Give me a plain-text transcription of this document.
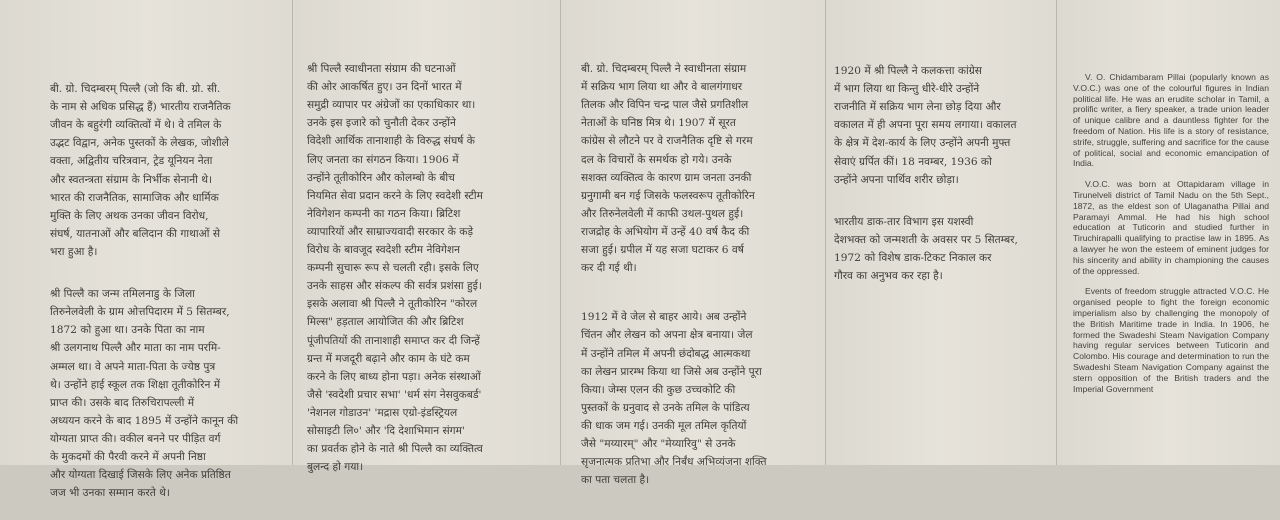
बी. ग्रो. चिदम्बरम् पिल्लै (जो कि बी. ग्रो. सी.
के नाम से अधिक प्रसिद्ध हैं) भारतीय राजनैतिक
जीवन के बहुरंगी व्यक्तित्वों में थे। वे तमिल के
उद्भट विद्वान, अनेक पुस्तकों के लेखक, जोशीले
वक्ता, अद्वितीय चरित्रवान, ट्रेड यूनियन नेता
और स्वतन्त्रता संग्राम के निर्भीक सेनानी थे।
भारत की राजनैतिक, सामाजिक और धार्मिक
मुक्ति के लिए अथक उनका जीवन विरोध,
संघर्ष, यातनाओं और बलिदान की गाथाओं से
भरा हुआ है।

श्री पिल्लै का जन्म तमिलनाडु के जिला
तिरुनेलवेली के ग्राम ओत्तपिदारम में 5 सितम्बर,
1872 को हुआ था। उनके पिता का नाम
श्री उलगनाथ पिल्लै और माता का नाम परमि-
अम्मल था। वे अपने माता-पिता के ज्येष्ठ पुत्र
थे। उन्होंने हाई स्कूल तक शिक्षा तूतीकोरिन में
प्राप्त की। उसके बाद तिरुचिरापल्ली में
अध्ययन करने के बाद 1895 में उन्होंने कानून की
योग्यता प्राप्त की। वकील बनने पर पीड़ित वर्ग
के मुकदमों की पैरवी करने में अपनी निष्ठा
और योग्यता दिखाई जिसके लिए अनेक प्रतिष्ठित
जज भी उनका सम्मान करते थे।

श्री पिल्लै स्वाधीनता संग्राम की घटनाओं
की ओर आकर्षित हुए। उन दिनों भारत में
समुद्री व्यापार पर अंग्रेजों का एकाधिकार था।
उनके इस इजारे को चुनौती देकर उन्होंने
विदेशी आर्थिक तानाशाही के विरुद्ध संघर्ष के
लिए जनता का संगठन किया। 1906 में
उन्होंने तूतीकोरिन और कोलम्बो के बीच
नियमित सेवा प्रदान करने के लिए स्वदेशी स्टीम
नेविगेशन कम्पनी का गठन किया। ब्रिटिश
व्यापारियों और साम्राज्यवादी सरकार के कड़े
विरोध के बावजूद स्वदेशी स्टीम नेविगेशन
कम्पनी सुचारू रूप से चलती रही। इसके लिए
उनके साहस और संकल्प की सर्वत्र प्रशंसा हुई।
इसके अलावा श्री पिल्लै ने तूतीकोरिन "कोरल
मिल्स" हड़ताल आयोजित की और ब्रिटिश
पूंजीपतियों की तानाशाही समाप्त कर दी जिन्हें
ग्रन्त में मजदूरी बढ़ाने और काम के घंटे कम
करने के लिए बाध्य होना पड़ा। अनेक संस्थाओं
जैसे 'स्वदेशी प्रचार सभा' 'धर्म संग नेसवुकबर्ड'
'नेशनल गोडाउन' 'मद्रास एग्रो-इंडस्ट्रियल
सोसाइटी लि०' और 'दि देशाभिमान संगम'
का प्रवर्तक होने के नाते श्री पिल्लै का व्यक्तित्व
बुलन्द हो गया।

बी. ग्रो. चिदम्बरम् पिल्लै ने स्वाधीनता संग्राम
में सक्रिय भाग लिया था और वे बालगंगाधर
तिलक और विपिन चन्द्र पाल जैसे प्रगतिशील
नेताओं के घनिष्ठ मित्र थे। 1907 में सूरत
कांग्रेस से लौटने पर वे राजनैतिक दृष्टि से गरम
दल के विचारों के समर्थक हो गये। उनके
सशक्त व्यक्तित्व के कारण ग्राम जनता उनकी
ग्रनुगामी बन गई जिसके फलस्वरूप तूतीकोरिन
और तिरुनेलवेली में काफी उथल-पुथल हुई।
राजद्रोह के अभियोग में उन्हें 40 वर्ष कैद की
सजा हुई। ग्रपील में यह सजा घटाकर 6 वर्ष
कर दी गई थी।

1912 में वे जेल से बाहर आये। अब उन्होंने
चिंतन और लेखन को अपना क्षेत्र बनाया। जेल
में उन्होंने तमिल में अपनी छंदोबद्ध आत्मकथा
का लेखन प्रारम्भ किया था जिसे अब उन्होंने पूरा
किया। जेम्स एलन की कुछ उच्चकोटि की
पुस्तकों के ग्रनुवाद से उनके तमिल के पांडित्य
की धाक जम गई। उनकी मूल तमिल कृतियों
जैसे "मय्यारम्" और "मेय्यारिवु" से उनके
सृजनात्मक प्रतिभा और निर्बंध अभिव्यंजना शक्ति
का पता चलता है।

1920 में श्री पिल्लै ने कलकत्ता कांग्रेस
में भाग लिया था किन्तु धीरे-धीरे उन्होंने
राजनीति में सक्रिय भाग लेना छोड़ दिया और
वकालत में ही अपना पूरा समय लगाया। वकालत
के क्षेत्र में देश-कार्य के लिए उन्होंने अपनी मुफ्त
सेवाएं ग्रर्पित कीं। 18 नवम्बर, 1936 को
उन्होंने अपना पार्थिव शरीर छोड़ा।

भारतीय डाक-तार विभाग इस यशस्वी
देशभक्त को जन्मशती के अवसर पर 5 सितम्बर,
1972 को विशेष डाक-टिकट निकाल कर
गौरव का अनुभव कर रहा है।

V. O. Chidambaram Pillai (popularly known as V.O.C.) was one of the colourful figures in Indian political life. He was an erudite scholar in Tamil, a prolific writer, a fiery speaker, a trade union leader of unique calibre and a dauntless fighter for the freedom of Nation. His life is a story of resistance, strife, struggle, suffering and sacrifice for the cause of political, social and economic emancipation of India.

V.O.C. was born at Ottapidaram village in Tirunelveli district of Tamil Nadu on the 5th Sept., 1872, as the eldest son of Ulaganatha Pillai and Paramayi Ammal. He had his high school education at Tuticorin and studied further in Tiruchirapalli qualifying to practise law in 1895. As a lawyer he won the esteem of eminent judges for his sincerity and ability in championing the causes of the oppressed.

Events of freedom struggle attracted V.O.C. He organised people to fight the foreign economic imperialism also by challenging the monopoly of the British Maritime trade in India. In 1906, he formed the Swadeshi Steam Navigation Company having regular services between Tuticorin and Colombo. His courage and determination to run the Swadeshi Steam Navigation Company against the stern opposition of the British traders and the Imperial Government
